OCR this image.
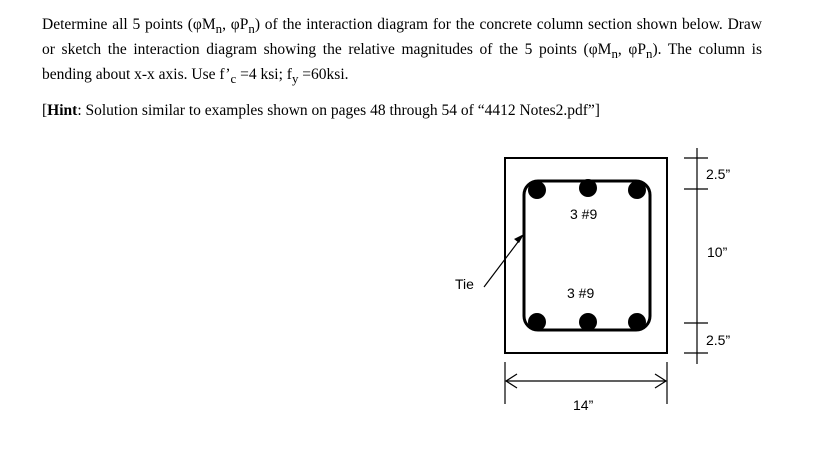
Determine all 5 points ($\varphi M_n$, $\varphi P_n$) of the interaction diagram for the concrete column section shown below. Draw or sketch the interaction diagram showing the relative magnitudes of the 5 points ($\varphi M_n$, $\varphi P_n$). The column is bending about x-x axis. Use $f’_c =4$ ksi; $f_y =60ksi$.

[Hint: Solution similar to examples shown on pages 48 through 54 of “4412 Notes2.pdf”]

3 #9
3 #9
Tie
2.5”
10”
2.5”
14”
